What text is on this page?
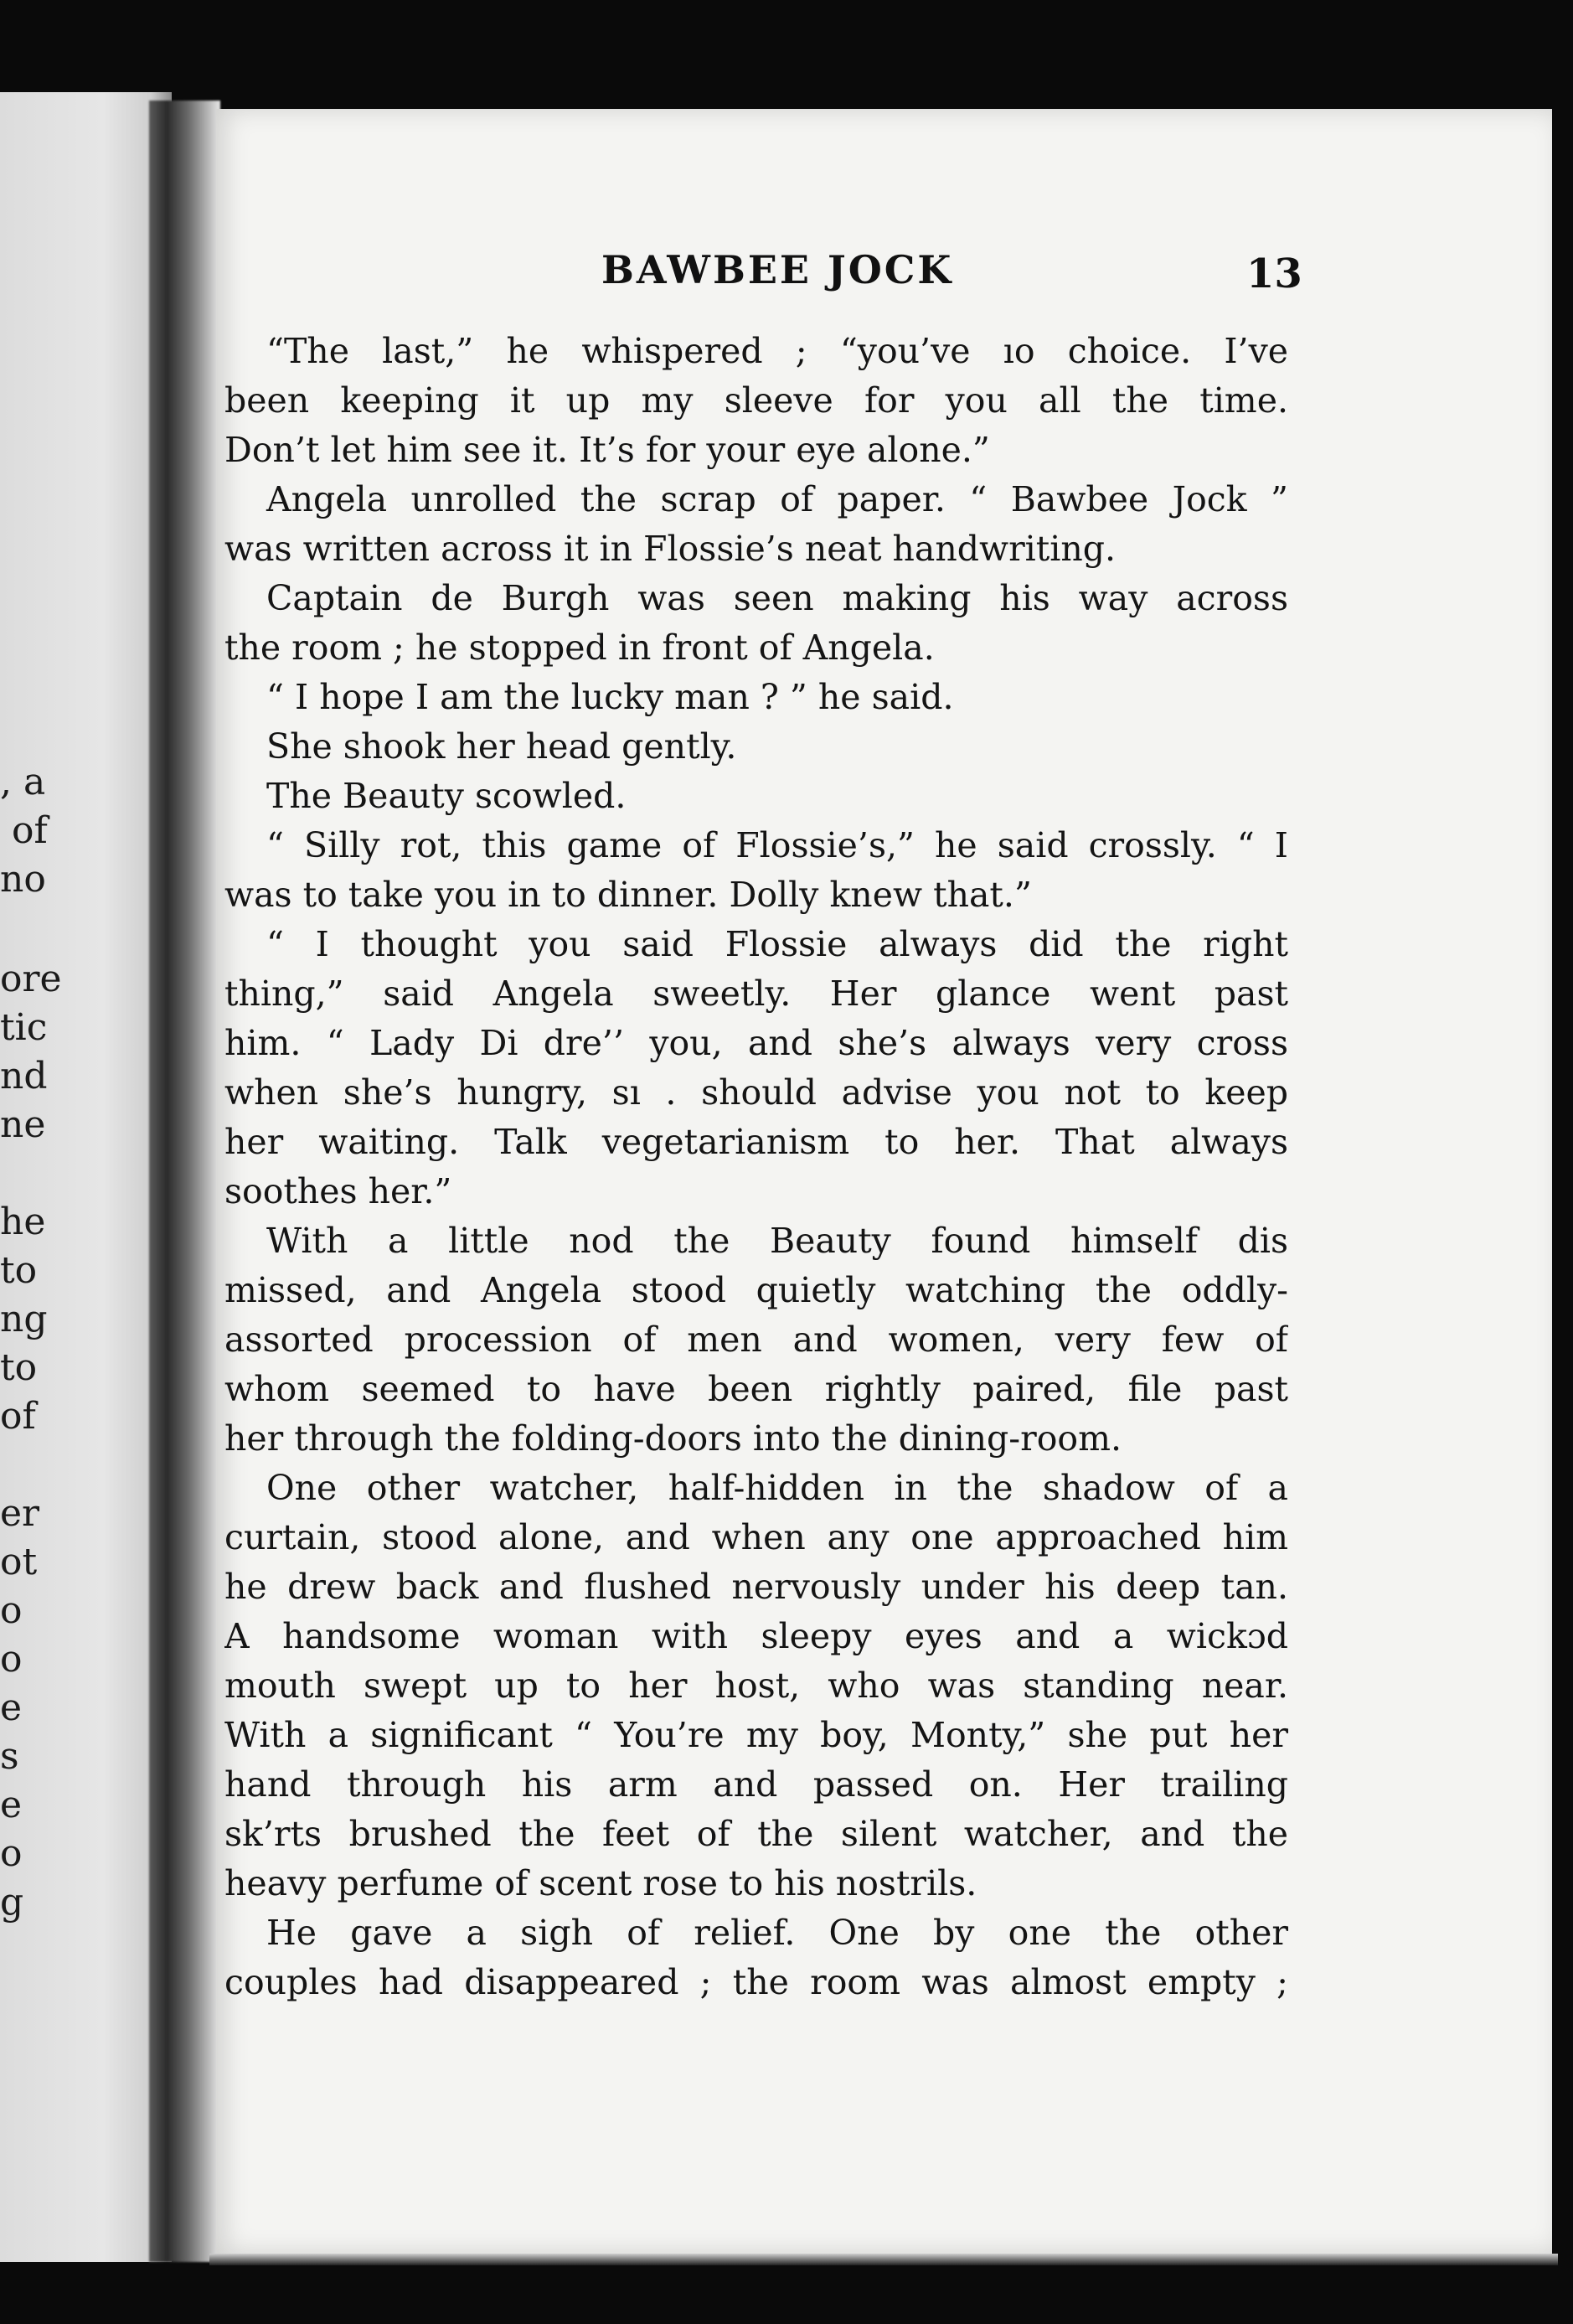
, a
of
no
ore
tic
nd
ne
he
to
ng
to
of
er
ot
o
o
e
s
e
o
g
BAWBEE JOCK	13
“The last,” he whispered ; “you’ve ıo choice. I’ve
been keeping it up my sleeve for you all the time.
Don’t let him see it. It’s for your eye alone.”
Angela unrolled the scrap of paper. “ Bawbee Jock ”
was written across it in Flossie’s neat handwriting.
Captain de Burgh was seen making his way across
the room ; he stopped in front of Angela.
“ I hope I am the lucky man ? ” he said.
She shook her head gently.
The Beauty scowled.
“ Silly rot, this game of Flossie’s,” he said crossly. “ I
was to take you in to dinner. Dolly knew that.”
“ I thought you said Flossie always did the right
thing,” said Angela sweetly. Her glance went past
him. “ Lady Di dre’’ you, and she’s always very cross
when she’s hungry, sı . should advise you not to keep
her waiting. Talk vegetarianism to her. That always
soothes her.”
With a little nod the Beauty found himself dis
missed, and Angela stood quietly watching the oddly-
assorted procession of men and women, very few of
whom seemed to have been rightly paired, file past
her through the folding-doors into the dining-room.
One other watcher, half-hidden in the shadow of a
curtain, stood alone, and when any one approached him
he drew back and flushed nervously under his deep tan.
A handsome woman with sleepy eyes and a wickɔd
mouth swept up to her host, who was standing near.
With a significant “ You’re my boy, Monty,” she put her
hand through his arm and passed on. Her trailing
sk’rts brushed the feet of the silent watcher, and the
heavy perfume of scent rose to his nostrils.
He gave a sigh of relief. One by one the other
couples had disappeared ; the room was almost empty ;
